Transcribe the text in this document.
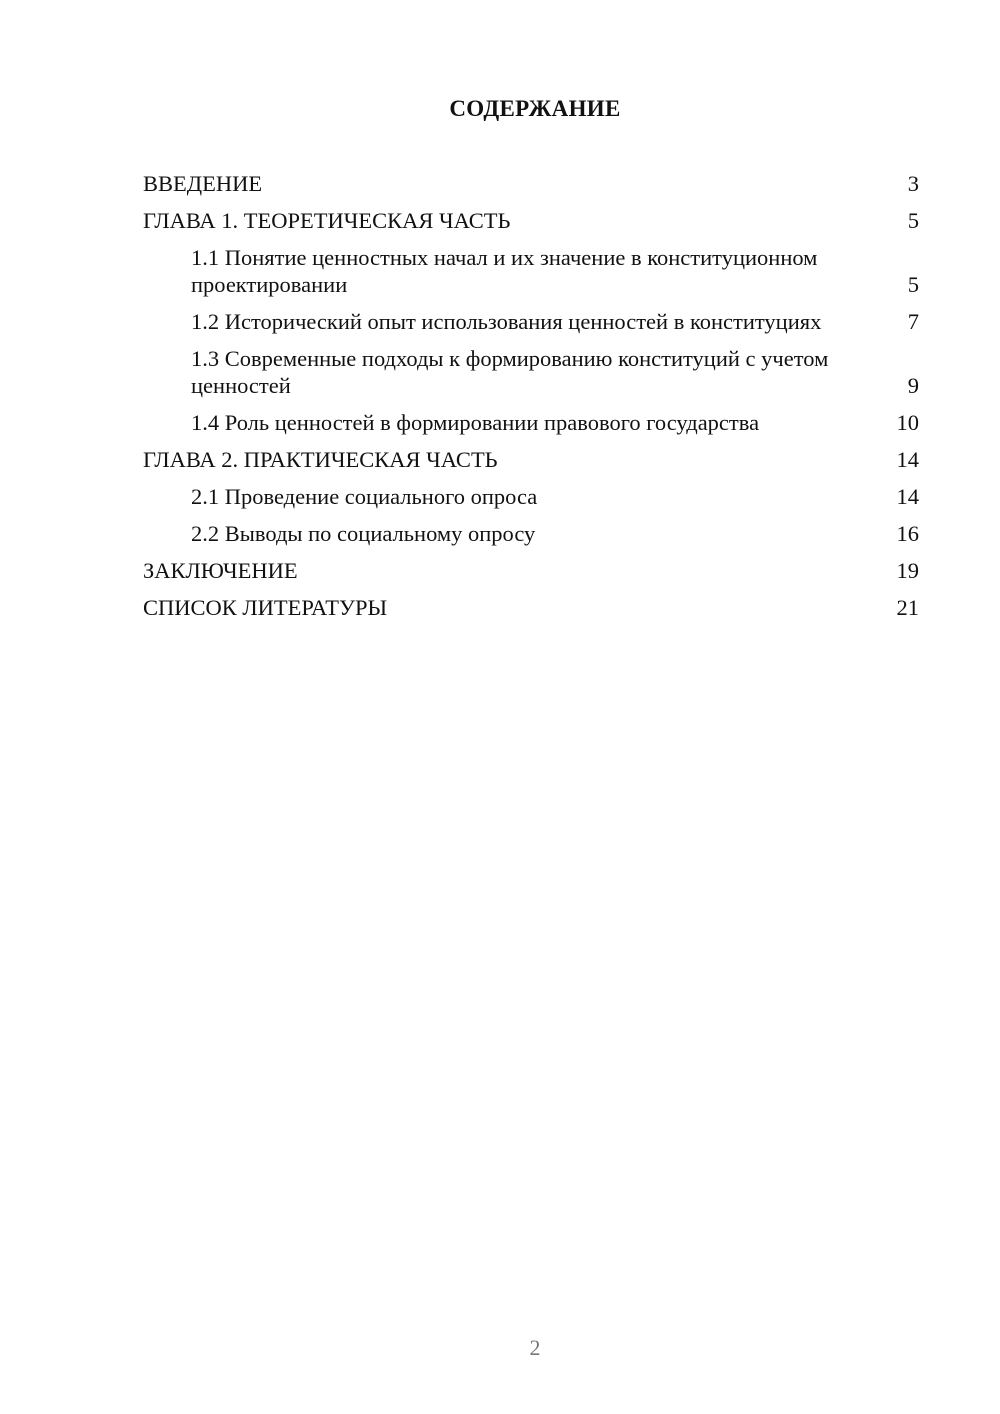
СОДЕРЖАНИЕ
ВВЕДЕНИЕ	3
ГЛАВА 1. ТЕОРЕТИЧЕСКАЯ ЧАСТЬ	5
1.1 Понятие ценностных начал и их значение в конституционном проектировании	5
1.2 Исторический опыт использования ценностей в конституциях	7
1.3 Современные подходы к формированию конституций с учетом ценностей	9
1.4 Роль ценностей в формировании правового государства	10
ГЛАВА 2. ПРАКТИЧЕСКАЯ ЧАСТЬ	14
2.1 Проведение социального опроса	14
2.2 Выводы по социальному опросу	16
ЗАКЛЮЧЕНИЕ	19
СПИСОК ЛИТЕРАТУРЫ	21
2
